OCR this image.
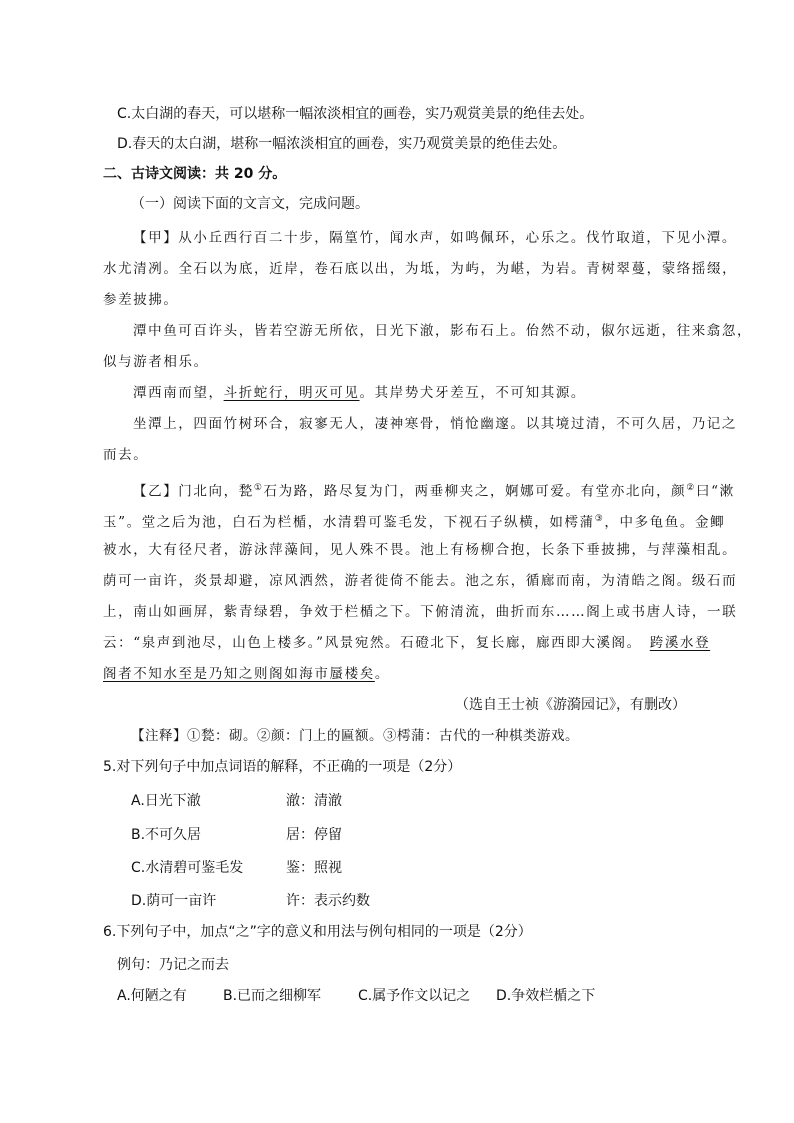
C.太白湖的春天，可以堪称一幅浓淡相宜的画卷，实乃观赏美景的绝佳去处。
D.春天的太白湖，堪称一幅浓淡相宜的画卷，实乃观赏美景的绝佳去处。
二、古诗文阅读：共 20 分。
（一）阅读下面的文言文，完成问题。
【甲】从小丘西行百二十步，隔篁竹，闻水声，如鸣佩环，心乐之。伐竹取道，下见小潭。
水尤清冽。全石以为底，近岸，卷石底以出，为坻，为屿，为嵁，为岩。青树翠蔓，蒙络摇缀，
参差披拂。
潭中鱼可百许头，皆若空游无所依，日光下澈，影布石上。佁然不动，俶尔远逝，往来翕忽，
似与游者相乐。
潭西南而望，斗折蛇行，明灭可见。其岸势犬牙差互，不可知其源。
坐潭上，四面竹树环合，寂寥无人，凄神寒骨，悄怆幽邃。以其境过清，不可久居，乃记之
而去。
【乙】门北向，甃①石为路，路尽复为门，两垂柳夹之，婀娜可爱。有堂亦北向，颜②曰“漱
玉”。堂之后为池，白石为栏楯，水清碧可鉴毛发，下视石子纵横，如樗蒲③，中多龟鱼。金鲫
被水，大有径尺者，游泳萍藻间，见人殊不畏。池上有杨柳合抱，长条下垂披拂，与萍藻相乱。
荫可一亩许，炎景却避，凉风洒然，游者徙倚不能去。池之东，循廊而南，为清皓之阁。级石而
上，南山如画屏，紫青绿碧，争效于栏楯之下。下俯清流，曲折而东……阁上或书唐人诗，一联
云：“泉声到池尽，山色上楼多。”风景宛然。石磴北下，复长廊，廊西即大溪阁。 跨溪水登
阁者不知水至是乃知之则阁如海市蜃楼矣。
（选自王士祯《游漪园记》，有删改）
【注释】①甃：砌。②颜：门上的匾额。③樗蒲：古代的一种棋类游戏。
5.对下列句子中加点词语的解释，不正确的一项是（2分）
A.日光下澈	澈：清澈
B.不可久居	居：停留
C.水清碧可鉴毛发	鉴：照视
D.荫可一亩许	许：表示约数
6.下列句子中，加点“之”字的意义和用法与例句相同的一项是（2分）
例句：乃记之而去
A.何陋之有	B.已而之细柳军	C.属予作文以记之 D.争效栏楯之下
